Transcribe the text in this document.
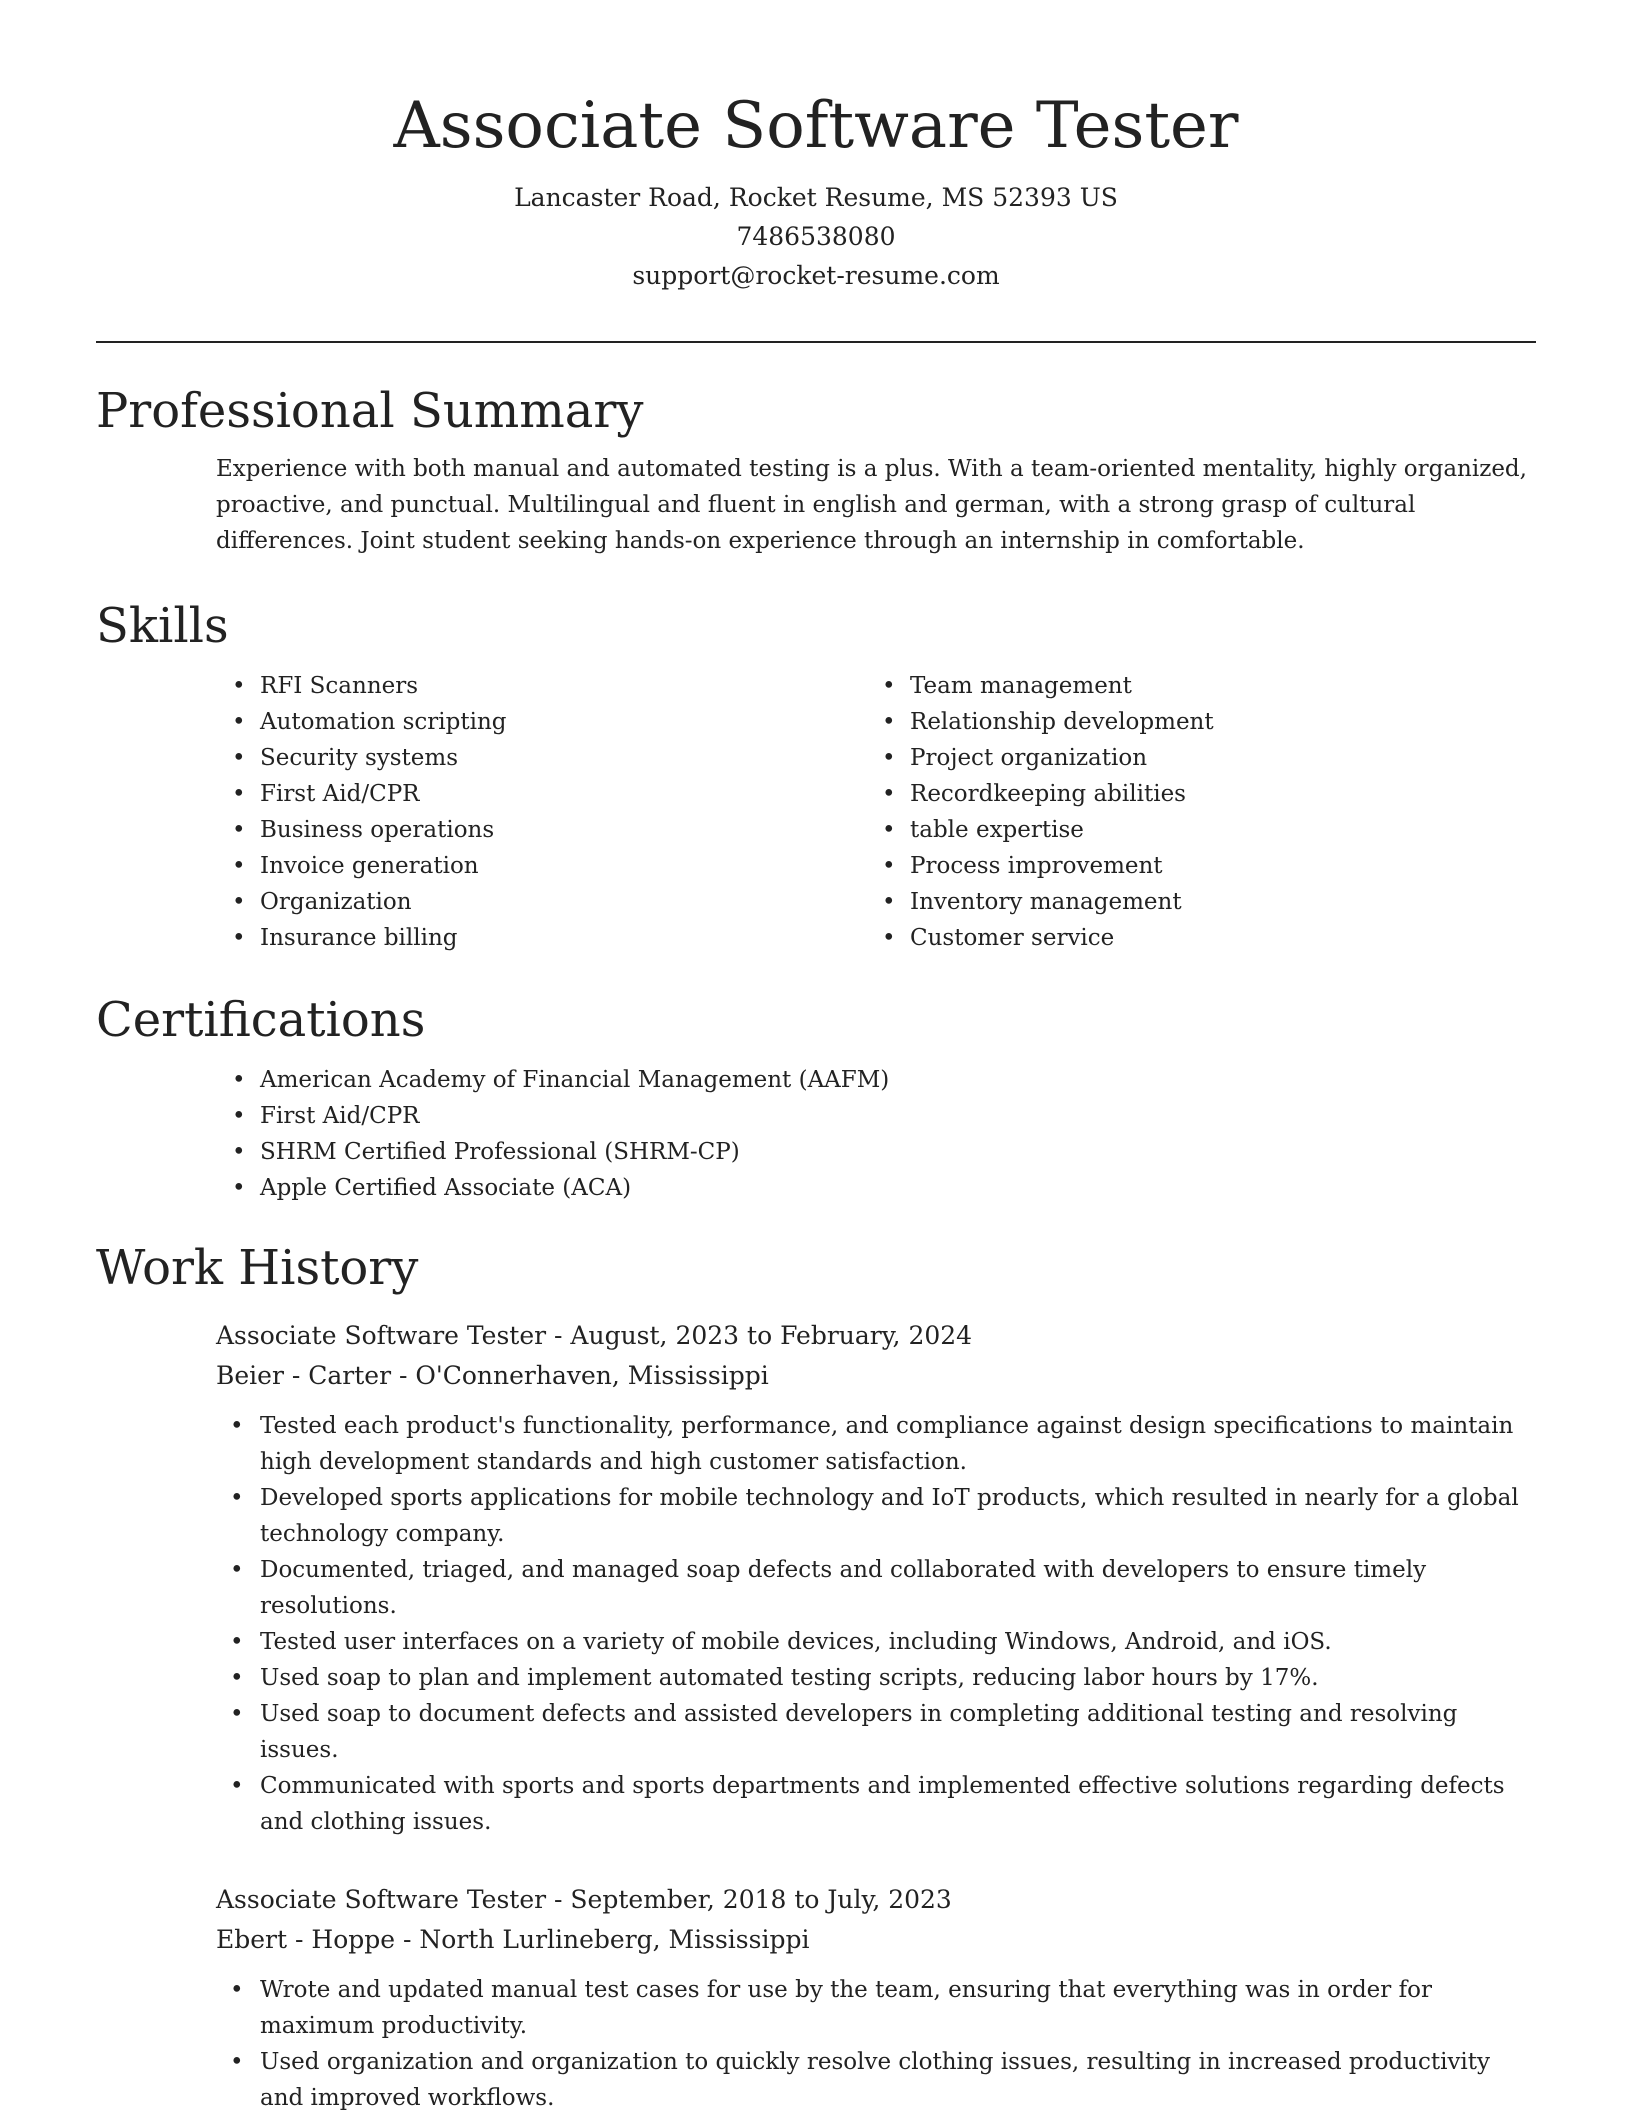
Associate Software Tester

Lancaster Road, Rocket Resume, MS 52393 US

7486538080

support@rocket-resume.com

Professional Summary

Experience with both manual and automated testing is a plus. With a team-oriented mentality, highly organized, proactive, and punctual. Multilingual and fluent in english and german, with a strong grasp of cultural differences. Joint student seeking hands-on experience through an internship in comfortable.

Skills
• RFI Scanners
• Automation scripting
• Security systems
• First Aid/CPR
• Business operations
• Invoice generation
• Organization
• Insurance billing
• Team management
• Relationship development
• Project organization
• Recordkeeping abilities
• table expertise
• Process improvement
• Inventory management
• Customer service
Certifications
• American Academy of Financial Management (AAFM)
• First Aid/CPR
• SHRM Certified Professional (SHRM-CP)
• Apple Certified Associate (ACA)
Work History

Associate Software Tester - August, 2023 to February, 2024

Beier - Carter - O'Connerhaven, Mississippi

• Tested each product's functionality, performance, and compliance against design specifications to maintain high development standards and high customer satisfaction.
• Developed sports applications for mobile technology and IoT products, which resulted in nearly for a global technology company.
• Documented, triaged, and managed soap defects and collaborated with developers to ensure timely resolutions.
• Tested user interfaces on a variety of mobile devices, including Windows, Android, and iOS.
• Used soap to plan and implement automated testing scripts, reducing labor hours by 17%.
• Used soap to document defects and assisted developers in completing additional testing and resolving issues.
• Communicated with sports and sports departments and implemented effective solutions regarding defects and clothing issues.

Associate Software Tester - September, 2018 to July, 2023

Ebert - Hoppe - North Lurlineberg, Mississippi

• Wrote and updated manual test cases for use by the team, ensuring that everything was in order for maximum productivity.
• Used organization and organization to quickly resolve clothing issues, resulting in increased productivity and improved workflows.
